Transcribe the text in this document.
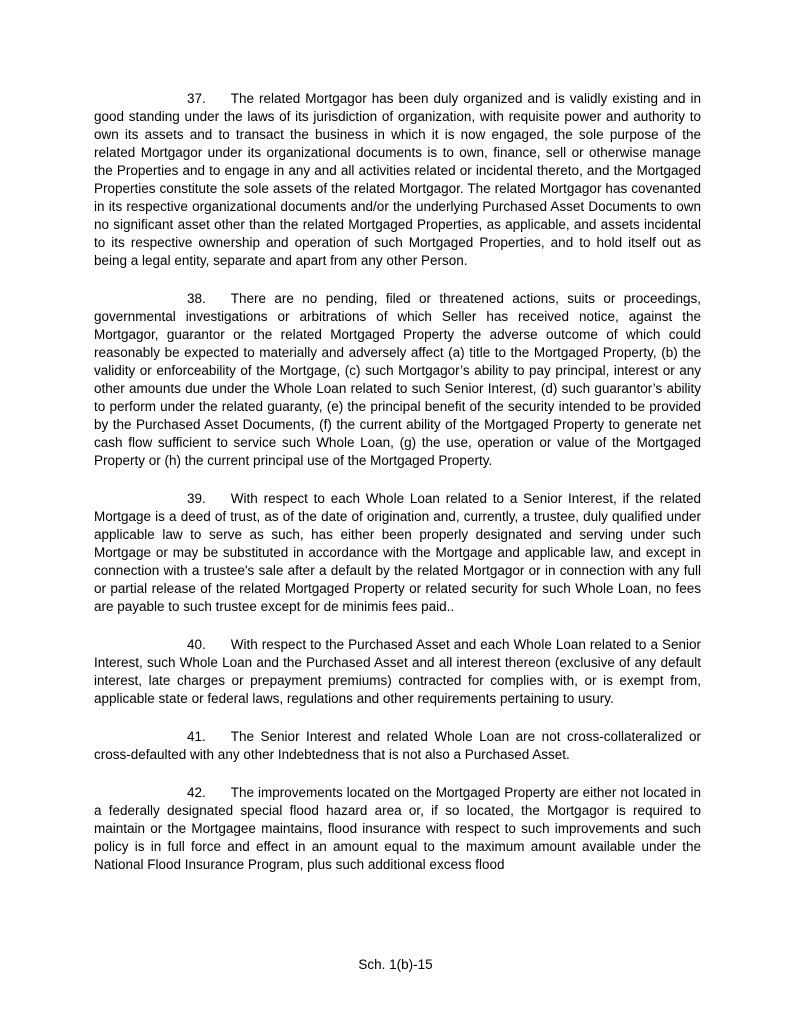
37. The related Mortgagor has been duly organized and is validly existing and in good standing under the laws of its jurisdiction of organization, with requisite power and authority to own its assets and to transact the business in which it is now engaged, the sole purpose of the related Mortgagor under its organizational documents is to own, finance, sell or otherwise manage the Properties and to engage in any and all activities related or incidental thereto, and the Mortgaged Properties constitute the sole assets of the related Mortgagor. The related Mortgagor has covenanted in its respective organizational documents and/or the underlying Purchased Asset Documents to own no significant asset other than the related Mortgaged Properties, as applicable, and assets incidental to its respective ownership and operation of such Mortgaged Properties, and to hold itself out as being a legal entity, separate and apart from any other Person.

38. There are no pending, filed or threatened actions, suits or proceedings, governmental investigations or arbitrations of which Seller has received notice, against the Mortgagor, guarantor or the related Mortgaged Property the adverse outcome of which could reasonably be expected to materially and adversely affect (a) title to the Mortgaged Property, (b) the validity or enforceability of the Mortgage, (c) such Mortgagor’s ability to pay principal, interest or any other amounts due under the Whole Loan related to such Senior Interest, (d) such guarantor’s ability to perform under the related guaranty, (e) the principal benefit of the security intended to be provided by the Purchased Asset Documents, (f) the current ability of the Mortgaged Property to generate net cash flow sufficient to service such Whole Loan, (g) the use, operation or value of the Mortgaged Property or (h) the current principal use of the Mortgaged Property.

39. With respect to each Whole Loan related to a Senior Interest, if the related Mortgage is a deed of trust, as of the date of origination and, currently, a trustee, duly qualified under applicable law to serve as such, has either been properly designated and serving under such Mortgage or may be substituted in accordance with the Mortgage and applicable law, and except in connection with a trustee's sale after a default by the related Mortgagor or in connection with any full or partial release of the related Mortgaged Property or related security for such Whole Loan, no fees are payable to such trustee except for de minimis fees paid..

40. With respect to the Purchased Asset and each Whole Loan related to a Senior Interest, such Whole Loan and the Purchased Asset and all interest thereon (exclusive of any default interest, late charges or prepayment premiums) contracted for complies with, or is exempt from, applicable state or federal laws, regulations and other requirements pertaining to usury.

41. The Senior Interest and related Whole Loan are not cross-collateralized or cross-defaulted with any other Indebtedness that is not also a Purchased Asset.

42. The improvements located on the Mortgaged Property are either not located in a federally designated special flood hazard area or, if so located, the Mortgagor is required to maintain or the Mortgagee maintains, flood insurance with respect to such improvements and such policy is in full force and effect in an amount equal to the maximum amount available under the National Flood Insurance Program, plus such additional excess flood

Sch. 1(b)-15
